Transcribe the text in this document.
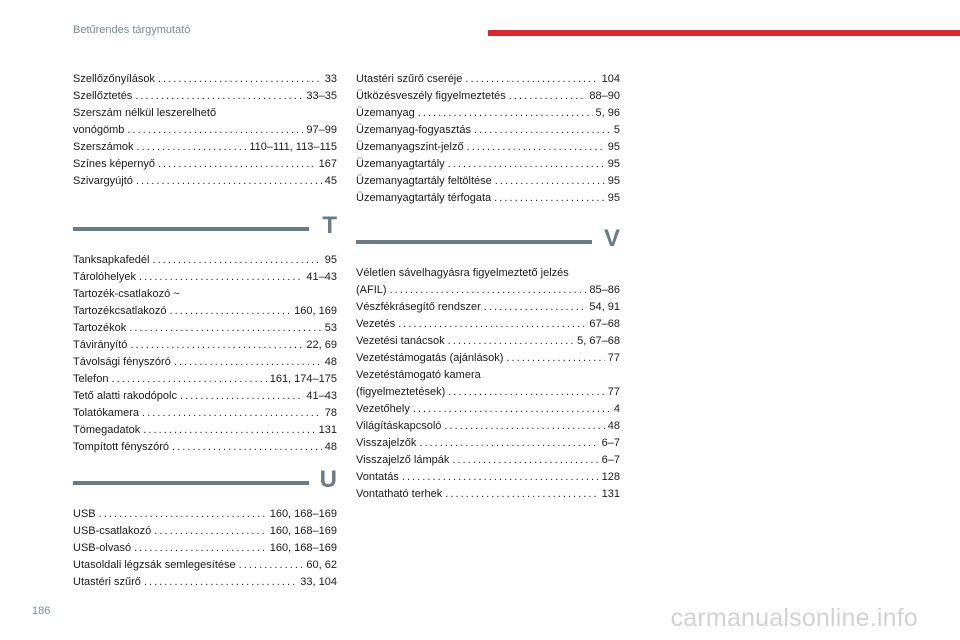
Betűrendes tárgymutató
Szellőzőnyílások . . .	33
Szellőztetés . . .	33–35
Szerszám nélkül leszerelhető
vonógömb . . .	97–99
Szerszámok . . .	110–111, 113–115
Színes képernyő . . .	167
Szivargyújtó . . .	45
T
Tanksapkafedél . . .	95
Tárolóhelyek . . .	41–43
Tartozék-csatlakozó ~
Tartozékcsatlakozó . . .	160, 169
Tartozékok . . .	53
Távirányító . . .	22, 69
Távolsági fényszóró . . .	48
Telefon . . .	161, 174–175
Tető alatti rakodópolc . . .	41–43
Tolatókamera . . .	78
Tömegadatok . . .	131
Tompított fényszóró . . .	48
U
USB . . .	160, 168–169
USB-csatlakozó . . .	160, 168–169
USB-olvasó . . .	160, 168–169
Utasoldali légzsák semlegesítése . . .	60, 62
Utastéri szűrő . . .	33, 104
Utastéri szűrő cseréje . . .	104
Ütközésveszély figyelmeztetés . . .	88–90
Üzemanyag . . .	5, 96
Üzemanyag-fogyasztás . . .	5
Üzemanyagszint-jelző . . .	95
Üzemanyagtartály . . .	95
Üzemanyagtartály feltöltése . . .	95
Üzemanyagtartály térfogata . . .	95
V
Véletlen sávelhagyásra figyelmeztető jelzés
(AFIL) . . .	85–86
Vészfékrásegítő rendszer . . .	54, 91
Vezetés . . .	67–68
Vezetési tanácsok . . .	5, 67–68
Vezetéstámogatás (ajánlások) . . .	77
Vezetéstámogató kamera
(figyelmeztetések) . . .	77
Vezetőhely . . .	4
Világításkapcsoló . . .	48
Visszajelzők . . .	6–7
Visszajelző lámpák . . .	6–7
Vontatás . . .	128
Vontatható terhek . . .	131
186	carmanualsonline.info
